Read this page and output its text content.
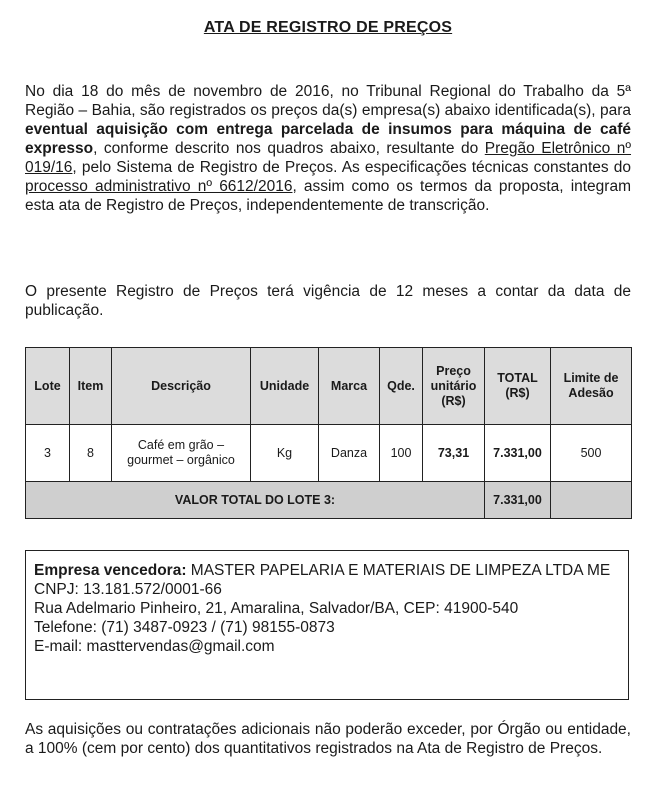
ATA DE REGISTRO DE PREÇOS

No dia 18 do mês de novembro de 2016, no Tribunal Regional do Trabalho da 5ª Região – Bahia, são registrados os preços da(s) empresa(s) abaixo identificada(s), para eventual aquisição com entrega parcelada de insumos para máquina de café expresso, conforme descrito nos quadros abaixo, resultante do Pregão Eletrônico nº 019/16, pelo Sistema de Registro de Preços. As especificações técnicas constantes do processo administrativo nº 6612/2016, assim como os termos da proposta, integram esta ata de Registro de Preços, independentemente de transcrição.

O presente Registro de Preços terá vigência de 12 meses a contar da data de publicação.

Lote	Item	Descrição	Unidade	Marca	Qde.	Preço unitário (R$)	TOTAL (R$)	Limite de Adesão
3	8	Café em grão – gourmet – orgânico	Kg	Danza	100	73,31	7.331,00	500
VALOR TOTAL DO LOTE 3:							7.331,00	
Empresa vencedora: MASTER PAPELARIA E MATERIAIS DE LIMPEZA LTDA ME
CNPJ: 13.181.572/0001-66
Rua Adelmario Pinheiro, 21, Amaralina, Salvador/BA, CEP: 41900-540
Telefone: (71) 3487-0923 / (71) 98155-0873
E-mail: masttervendas@gmail.com

As aquisições ou contratações adicionais não poderão exceder, por Órgão ou entidade, a 100% (cem por cento) dos quantitativos registrados na Ata de Registro de Preços.
